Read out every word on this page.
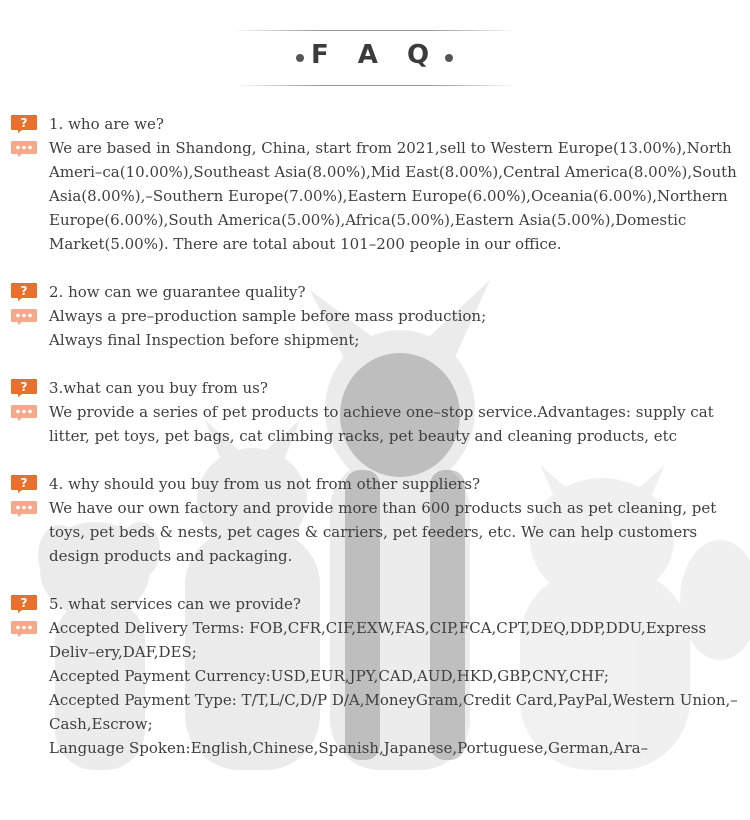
F A Q
? 1. who are we?
We are based in Shandong, China, start from 2021,sell to Western Europe(13.00%),North Ameri–ca(10.00%),Southeast Asia(8.00%),Mid East(8.00%),Central America(8.00%),South Asia(8.00%),–Southern Europe(7.00%),Eastern Europe(6.00%),Oceania(6.00%),Northern Europe(6.00%),South America(5.00%),Africa(5.00%),Eastern Asia(5.00%),Domestic Market(5.00%). There are total about 101–200 people in our office.
? 2. how can we guarantee quality?
Always a pre–production sample before mass production;
Always final Inspection before shipment;
? 3.what can you buy from us?
We provide a series of pet products to achieve one–stop service.Advantages: supply cat litter, pet toys, pet bags, cat climbing racks, pet beauty and cleaning products, etc
? 4. why should you buy from us not from other suppliers?
We have our own factory and provide more than 600 products such as pet cleaning, pet toys, pet beds & nests, pet cages & carriers, pet feeders, etc. We can help customers design products and packaging.
? 5. what services can we provide?
Accepted Delivery Terms: FOB,CFR,CIF,EXW,FAS,CIP,FCA,CPT,DEQ,DDP,DDU,Express Deliv–ery,DAF,DES;
Accepted Payment Currency:USD,EUR,JPY,CAD,AUD,HKD,GBP,CNY,CHF;
Accepted Payment Type: T/T,L/C,D/P D/A,MoneyGram,Credit Card,PayPal,Western Union,–Cash,Escrow;
Language Spoken:English,Chinese,Spanish,Japanese,Portuguese,German,Ara–
